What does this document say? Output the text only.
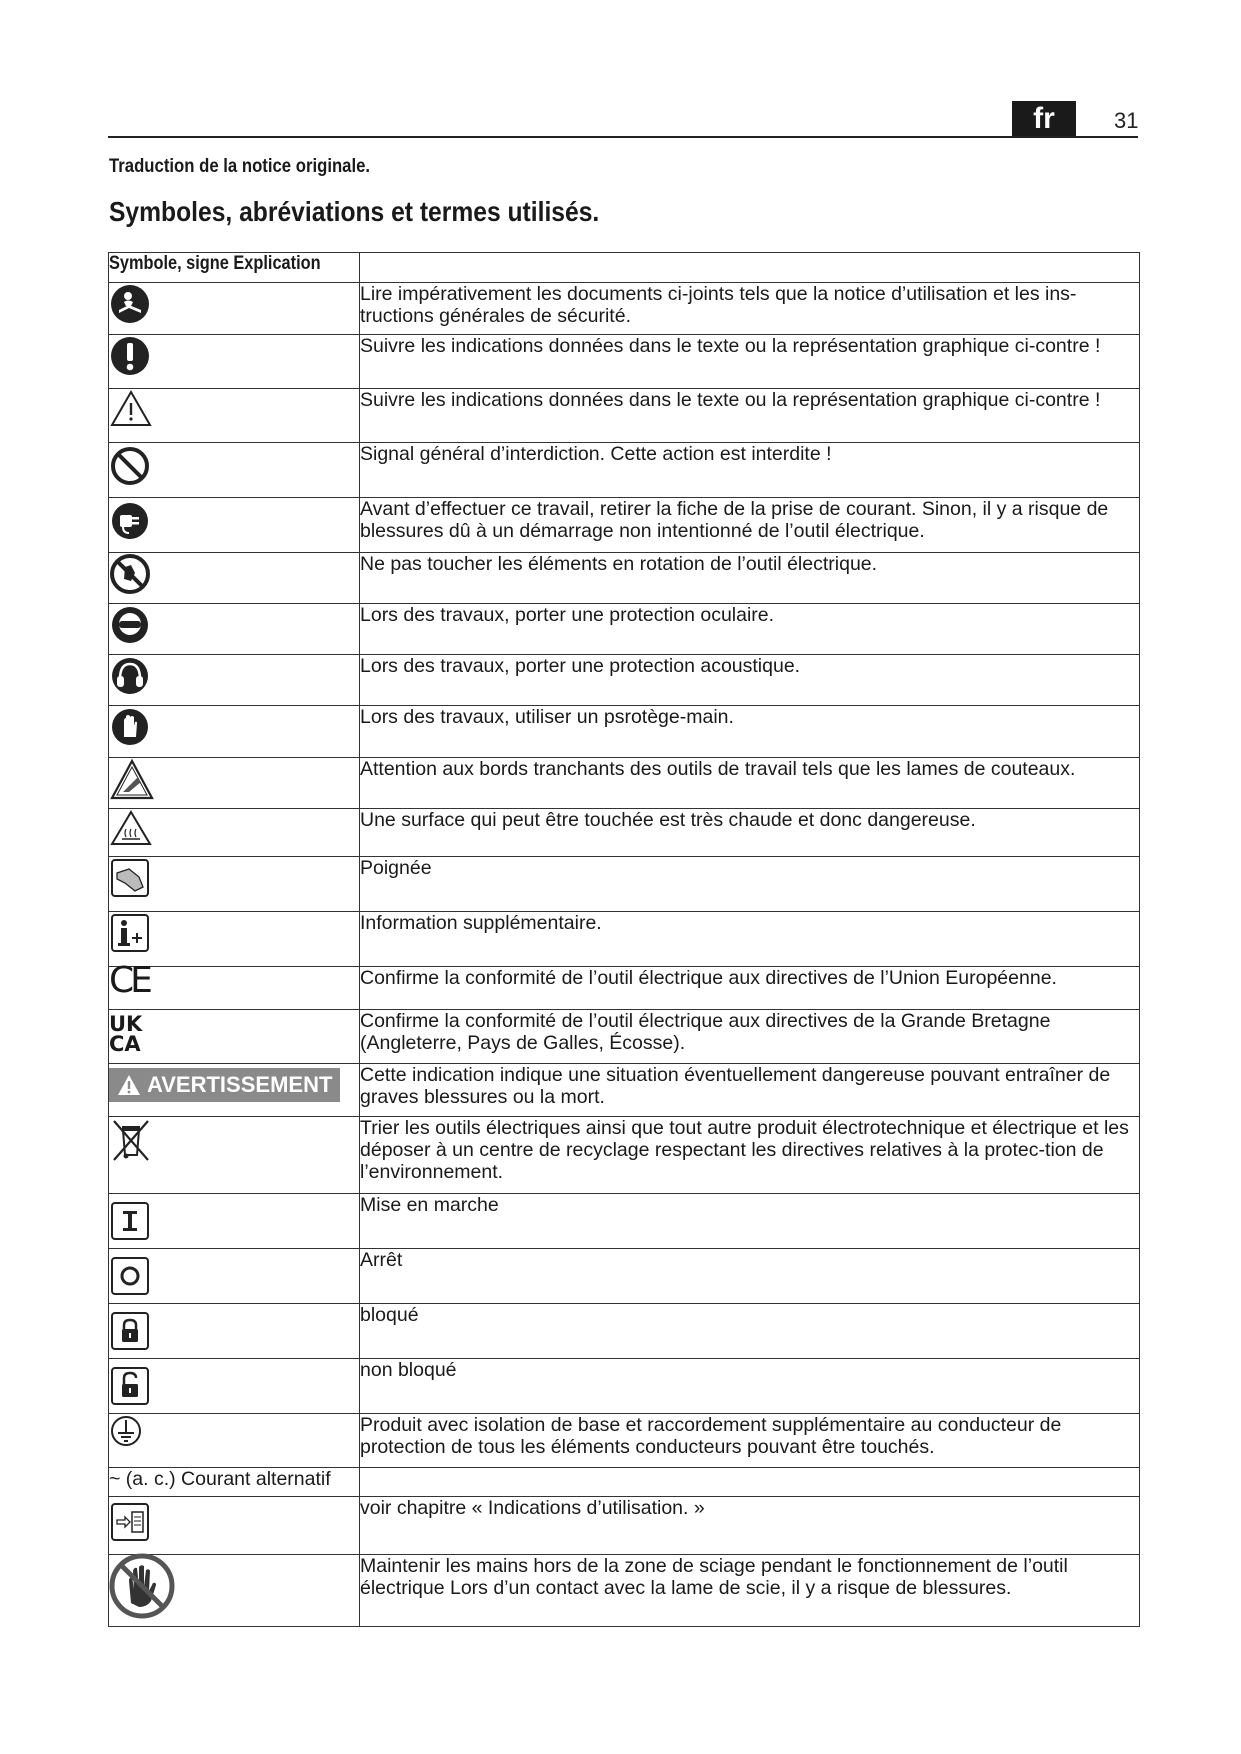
fr	31
Traduction de la notice originale.
Symboles, abréviations et termes utilisés.
Symbole, signe Explication	

	Lire impérativement les documents ci-joints tels que la notice d’utilisation et les ins-tructions générales de sécurité.

	Suivre les indications données dans le texte ou la représentation graphique ci-contre !

	Suivre les indications données dans le texte ou la représentation graphique ci-contre !

	Signal général d’interdiction. Cette action est interdite !

	Avant d’effectuer ce travail, retirer la fiche de la prise de courant. Sinon, il y a risque de blessures dû à un démarrage non intentionné de l’outil électrique.

	Ne pas toucher les éléments en rotation de l’outil électrique.

	Lors des travaux, porter une protection oculaire.

	Lors des travaux, porter une protection acoustique.

	Lors des travaux, utiliser un psrotège-main.

	Attention aux bords tranchants des outils de travail tels que les lames de couteaux.

	Une surface qui peut être touchée est très chaude et donc dangereuse.

	Poignée

	Information supplémentaire.

CE	Confirme la conformité de l’outil électrique aux directives de l’Union Européenne.

UK
CA	Confirme la conformité de l’outil électrique aux directives de la Grande Bretagne (Angleterre, Pays de Galles, Écosse).

AVERTISSEMENT	Cette indication indique une situation éventuellement dangereuse pouvant entraîner de graves blessures ou la mort.

	Trier les outils électriques ainsi que tout autre produit électrotechnique et électrique et les déposer à un centre de recyclage respectant les directives relatives à la protec-tion de l’environnement.

	Mise en marche

	Arrêt

	bloqué

	non bloqué

	Produit avec isolation de base et raccordement supplémentaire au conducteur de protection de tous les éléments conducteurs pouvant être touchés.
~ (a. c.) Courant alternatif	

	voir chapitre « Indications d’utilisation. »

	Maintenir les mains hors de la zone de sciage pendant le fonctionnement de l’outil électrique Lors d’un contact avec la lame de scie, il y a risque de blessures.
